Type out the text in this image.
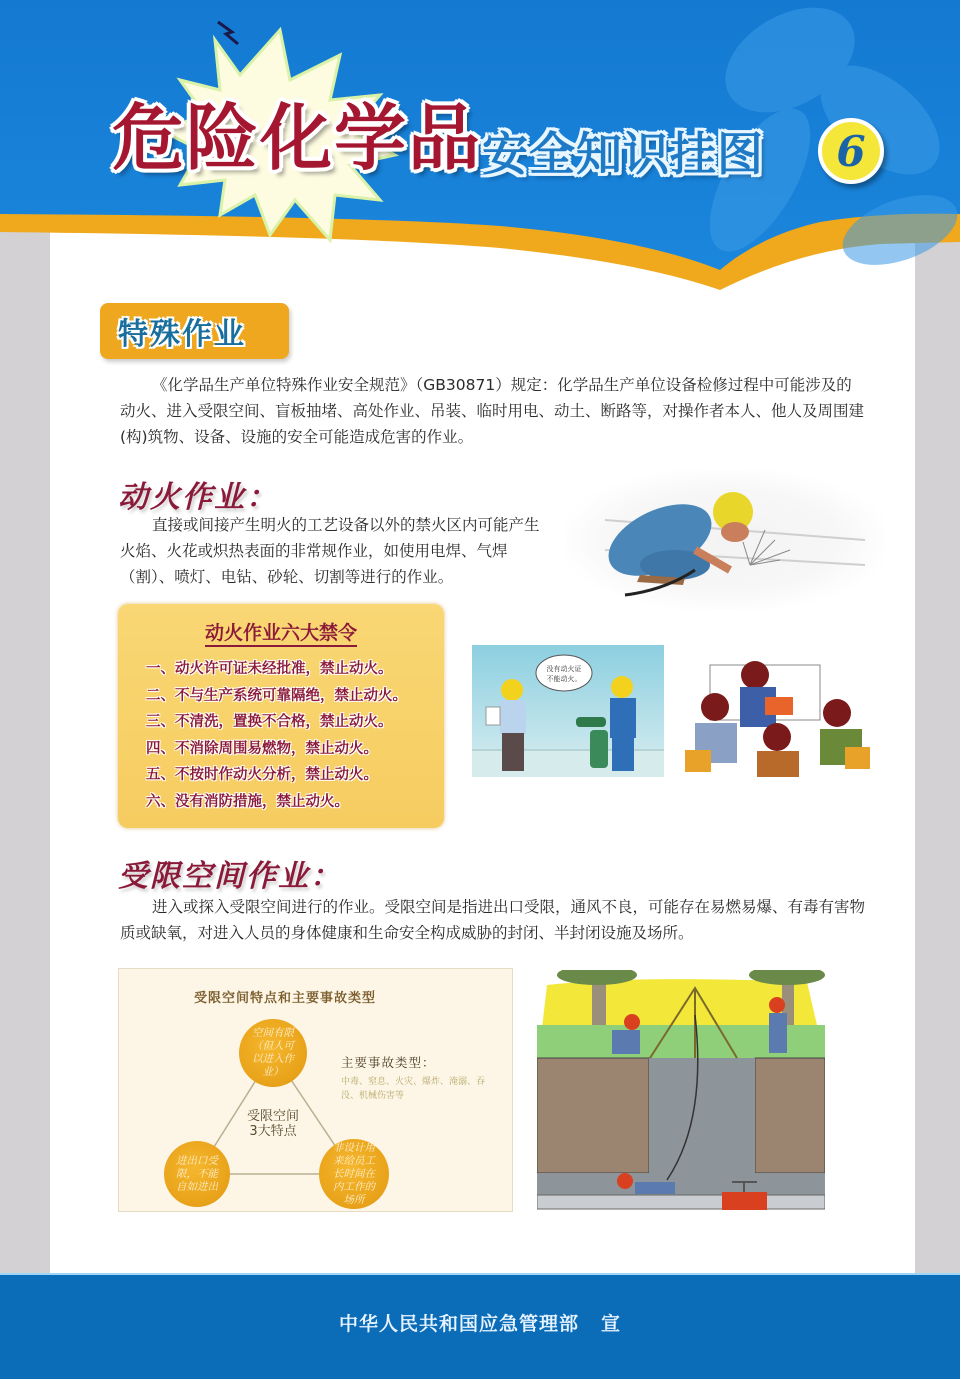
危险化学品 安全知识挂图	6
特殊作业
《化学品生产单位特殊作业安全规范》（GB30871）规定：化学品生产单位设备检修过程中可能涉及的动火、进入受限空间、盲板抽堵、高处作业、吊装、临时用电、动土、断路等，对操作者本人、他人及周围建(构)筑物、设备、设施的安全可能造成危害的作业。
动火作业：
直接或间接产生明火的工艺设备以外的禁火区内可能产生火焰、火花或炽热表面的非常规作业，如使用电焊、气焊（割）、喷灯、电钻、砂轮、切割等进行的作业。
动火作业六大禁令
一、动火许可证未经批准，禁止动火。
二、不与生产系统可靠隔绝，禁止动火。
三、不清洗，置换不合格，禁止动火。
四、不消除周围易燃物，禁止动火。
五、不按时作动火分析，禁止动火。
六、没有消防措施，禁止动火。
没有动火证
不能动火。
受限空间作业：
进入或探入受限空间进行的作业。受限空间是指进出口受限，通风不良，可能存在易燃易爆、有毒有害物质或缺氧，对进入人员的身体健康和生命安全构成威胁的封闭、半封闭设施及场所。
受限空间特点和主要事故类型
空间有限（但人可以进入作业）
进出口受限，不能自如进出
非设计用来给员工长时间在内工作的场所
受限空间
3大特点
主要事故类型：
中毒、窒息、火灾、爆炸、淹溺、吞没、机械伤害等
中华人民共和国应急管理部 宣
